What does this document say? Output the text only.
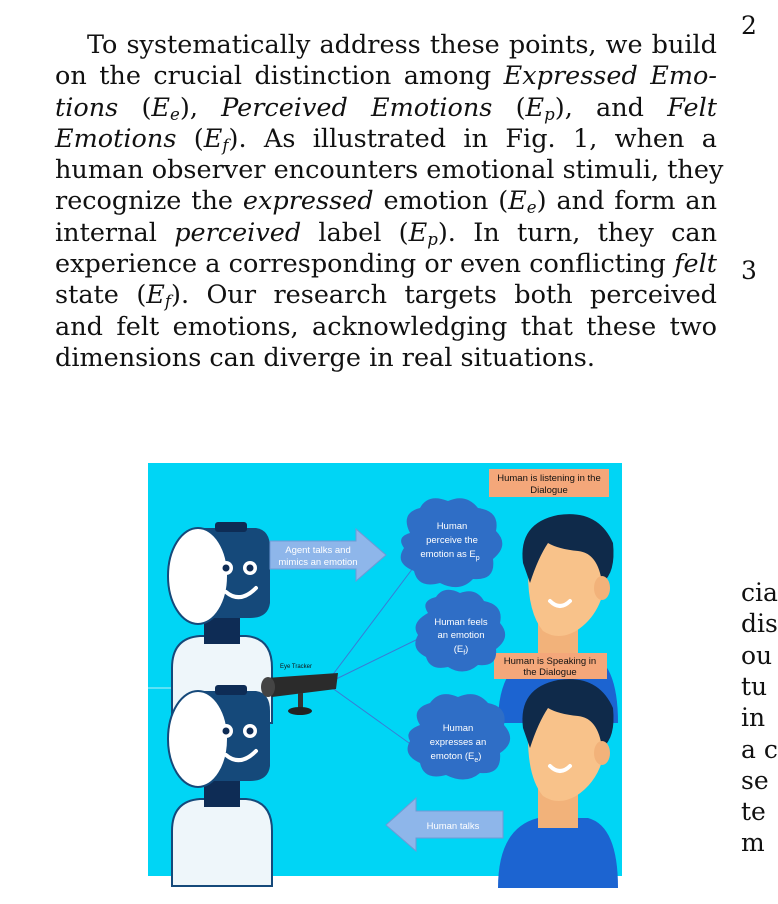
To systematically address these points, we build
on the crucial distinction among Expressed Emo-
tions $(E_e)$, Perceived Emotions $(E_p)$, and Felt
Emotions $(E_f)$. As illustrated in Fig. 1, when a
human observer encounters emotional stimuli, they
recognize the expressed emotion $(E_e)$ and form an
internal perceived label $(E_p)$. In turn, they can
experience a corresponding or even conflicting felt
state $(E_f)$. Our research targets both perceived
and felt emotions, acknowledging that these two
dimensions can diverge in real situations.
2
3
cia
dis
ou
tu
in
a c
se
te
m
Human is listening in the
Dialogue
Human is Speaking in
the Dialogue
Agent talks and
mimics an emotion
Human talks
Human
perceive the
emotion as $E_p$
Human feels
an emotion
$(E_f)$
Human
expresses an
emoton $(E_e)$
Eye Tracker
